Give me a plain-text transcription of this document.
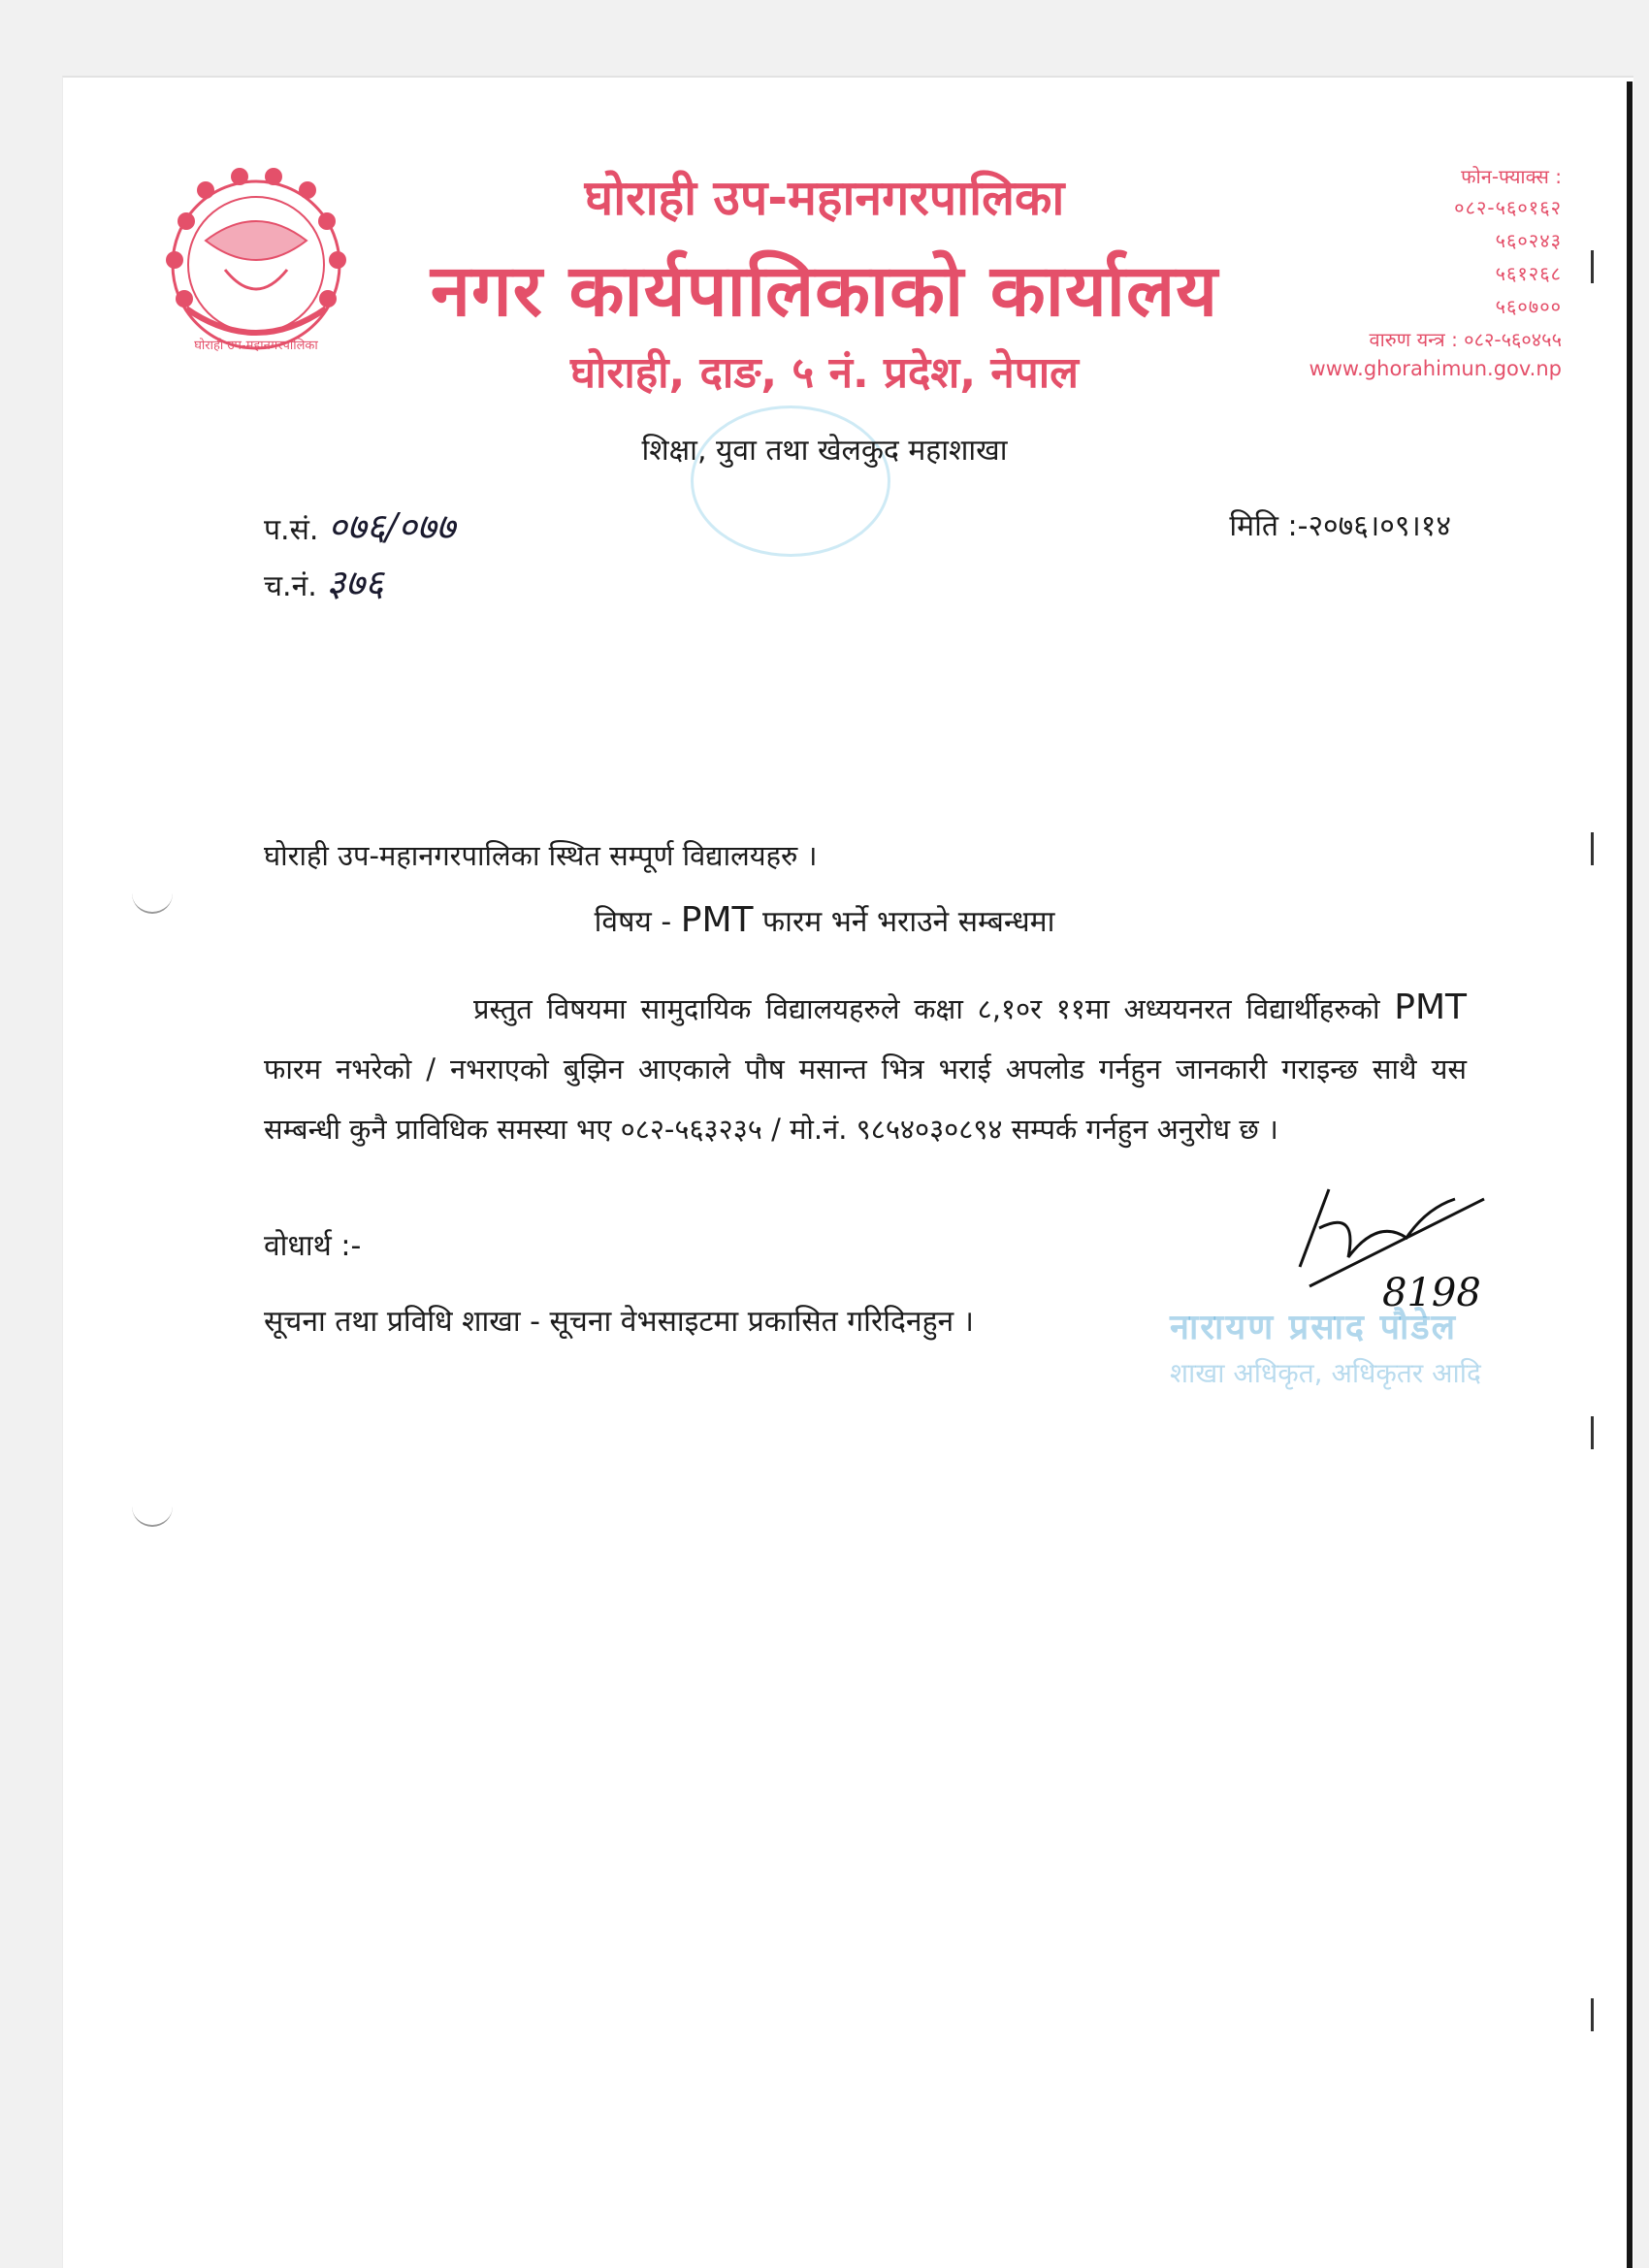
घोराही उप-महानगरपालिका
घोराही उप-महानगरपालिका
नगर कार्यपालिकाको कार्यालय
घोराही, दाङ, ५ नं. प्रदेश, नेपाल
फोन-फ्याक्स :
०८२-५६०१६२
५६०२४३
५६१२६८
५६०७००
वारुण यन्त्र : ०८२-५६०४५५
www.ghorahimun.gov.np
शिक्षा, युवा तथा खेलकुद महाशाखा
प.सं. ०७६/०७७
च.नं. ३७६
मिति :-२०७६।०९।१४
घोराही उप-महानगरपालिका स्थित सम्पूर्ण विद्यालयहरु ।
विषय - PMT फारम भर्ने भराउने सम्बन्धमा
प्रस्तुत विषयमा सामुदायिक विद्यालयहरुले कक्षा ८,१०र ११मा अध्ययनरत विद्यार्थीहरुको PMT फारम नभरेको / नभराएको बुझिन आएकाले पौष मसान्त भित्र भराई अपलोड गर्नहुन जानकारी गराइन्छ साथै यस सम्बन्धी कुनै प्राविधिक समस्या भए ०८२-५६३२३५ / मो.नं. ९८५४०३०८९४ सम्पर्क गर्नहुन अनुरोध छ ।
वोधार्थ :-
सूचना तथा प्रविधि शाखा - सूचना वेभसाइटमा प्रकासित गरिदिनहुन ।
8198
नारायण प्रसाद पौडेल
शाखा अधिकृत, अधिकृतर आदि
